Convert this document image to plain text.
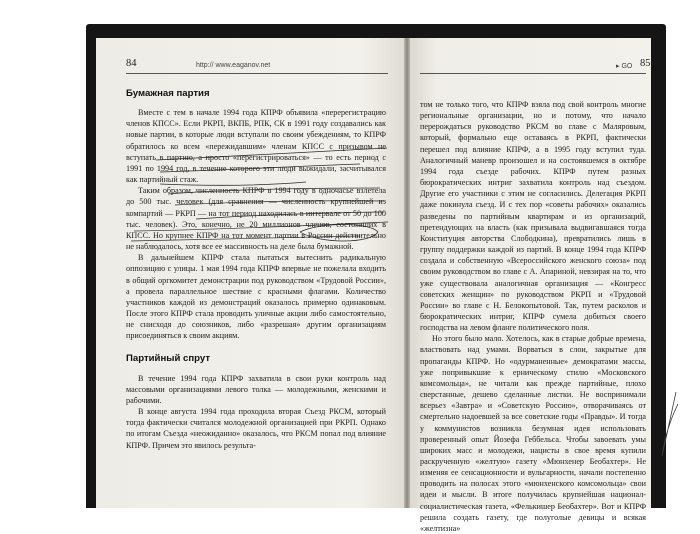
84	http:// www.eaganov.net	▸ GO 85
Бумажная партия

Вместе с тем в начале 1994 года КПРФ объявила «перерегистрацию членов КПСС». Если РКРП, ВКПБ, РПК, СК в 1991 году создавались как новые партии, в которые люди вступали по своим убеждениям, то КПРФ обратилось ко всем «пережидавшим» членам КПСС с призывом не вступать в партию, а просто «перегистрироваться» — то есть период с 1991 по 1994 год, в течение которого эти люди выжидали, засчитывался как партийный стаж.

Таким образом, численность КПРФ в 1994 году в одночасье взлетела до 500 тыс. человек (для сравнения — численность крупнейшей из компартий — РКРП — на тот период находилась в интервале от 50 до 100 тыс. человек). Это, конечно, не 20 миллионов членов, состоявших в КПСС. Но крупнее КПРФ на тот момент партии в России действительно не наблюдалось, хотя все ее массивность на деле была бумажной.

В дальнейшем КПРФ стала пытаться вытеснить радикальную оппозицию с улицы. 1 мая 1994 года КПРФ впервые не пожелала входить в общий оргкомитет демонстрации под руководством «Трудовой России», а провела параллельное шествие с красными флагами. Количество участников каждой из демонстраций оказалось примерно одинаковым. После этого КПРФ стала проводить уличные акции либо самостоятельно, не снисходя до союзников, либо «разрешая» другим организациям присоединяться к своим акциям.

Партийный спрут

В течение 1994 года КПРФ захватила в свои руки контроль над массовыми организациями левого толка — молодежными, женскими и рабочими.

В конце августа 1994 года проходила вторая Съезд РКСМ, который тогда фактически считался молодежной организацией при РКРП. Однако по итогам Съезда «неожиданно» оказалось, что РКСМ попал под влияние КПРФ. Причем это явилось результа-

том не только того, что КПРФ взяла под свой контроль многие региональные организации, но и потому, что начало перерождаться руководство РКСМ во главе с Маляровым, который, формально еще оставаясь в РКРП, фактически перешел под влияние КПРФ, а в 1995 году вступил туда. Аналогичный маневр произошел и на состоявшемся в октябре 1994 года съезде рабочих. КПРФ путем разных бюрократических интриг захватила контроль над съездом. Другие его участники с этим не согласились. Делегация РКРП даже покинула съезд. И с тех пор «советы рабочих» оказались разведены по партийным квартирам и из организаций, претендующих на власть (как призывала выдвигавшаяся тогда Конституция авторства Слободкина), превратились лишь в группу поддержки каждой из партий. В конце 1994 года КПРФ создала и собственную «Всероссийского женского союза» под своим руководством во главе с А. Апариной, невзирая на то, что уже существовала аналогичная организация — «Конгресс советских женщин» по руководством РКРП и «Трудовой России» во главе с Н. Белокопытовой. Так, путем расколов и бюрократических интриг, КПРФ сумела добиться своего господства на левом фланге политического поля.

Но этого было мало. Хотелось, как в старые добрые времена, властвовать над умами. Ворваться в слои, закрытые для пропаганды КПРФ. Но «одурманенные» демократами массы, уже попривыкшие к ерническому стилю «Московского комсомольца», не читали как прежде партийные, плохо сверстанные, дешево сделанные листки. Не воспринимали всерьез «Завтра» и «Советскую Россию», отворачиваясь от смертельно надоевшей за все советские годы «Правды». И тогда у коммунистов возникла безумная идея использовать проверенный опыт Йозефа Геббельса. Чтобы завоевать умы широких масс и молодежи, нацисты в свое время купили раскрученную «желтую» газету «Мюнхенер Беобахтер». Не изменяя ее сенсационности и вульгарности, начали постепенно проводить на полосах этого «мюнхенского комсомольца» свои идеи и мысли. В итоге получилась крупнейшая национал-социалистическая газета, «Фелькишер Беобахтер». Вот и КПРФ решила создать газету, где полуголые девицы и всякая «желтизна»
